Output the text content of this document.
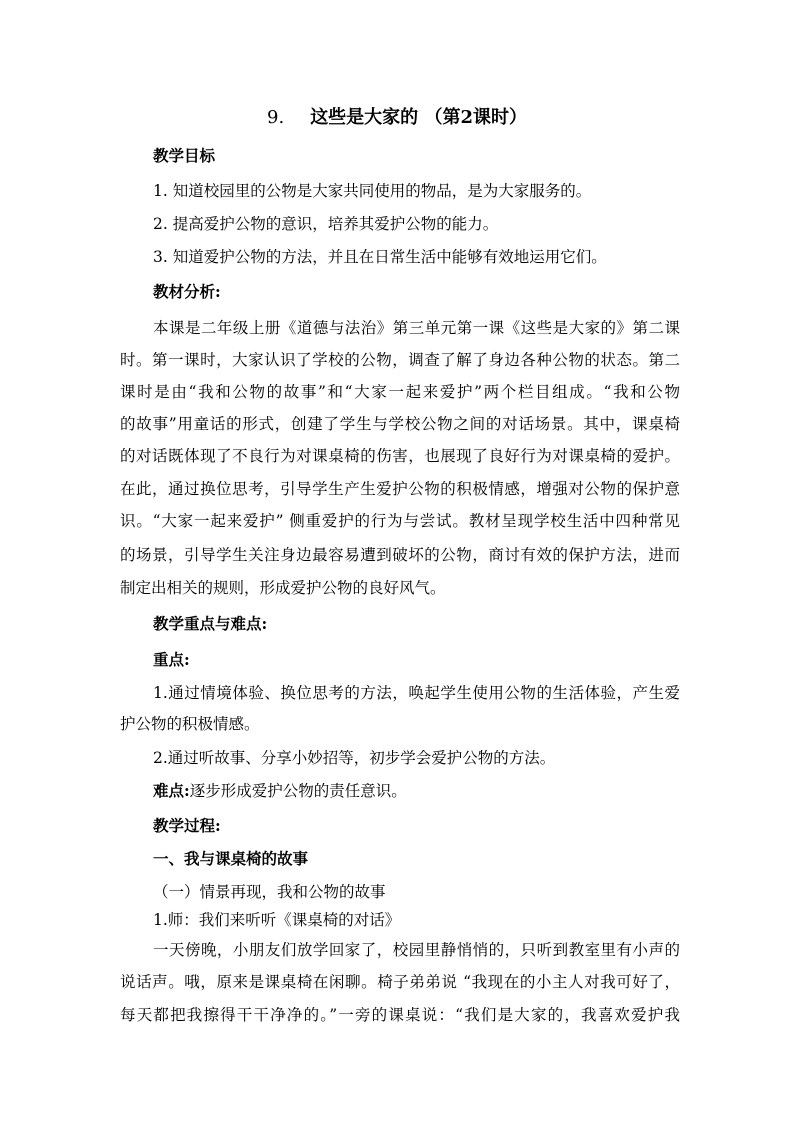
9. 这些是大家的 （第2课时）
教学目标
1. 知道校园里的公物是大家共同使用的物品，是为大家服务的。
2. 提高爱护公物的意识，培养其爱护公物的能力。
3. 知道爱护公物的方法，并且在日常生活中能够有效地运用它们。
教材分析:
本课是二年级上册《道德与法治》第三单元第一课《这些是大家的》第二课
时。第一课时，大家认识了学校的公物，调查了解了身边各种公物的状态。第二
课时是由“我和公物的故事”和“大家一起来爱护”两个栏目组成。“我和公物
的故事”用童话的形式，创建了学生与学校公物之间的对话场景。其中，课桌椅
的对话既体现了不良行为对课桌椅的伤害，也展现了良好行为对课桌椅的爱护。
在此，通过换位思考，引导学生产生爱护公物的积极情感，增强对公物的保护意
识。“大家一起来爱护” 侧重爱护的行为与尝试。教材呈现学校生活中四种常见
的场景，引导学生关注身边最容易遭到破坏的公物，商讨有效的保护方法，进而
制定出相关的规则，形成爱护公物的良好风气。
教学重点与难点:
重点:
1.通过情境体验、换位思考的方法，唤起学生使用公物的生活体验，产生爱
护公物的积极情感。
2.通过听故事、分享小妙招等，初步学会爱护公物的方法。
难点:逐步形成爱护公物的责任意识。
教学过程:
一、我与课桌椅的故事
（一）情景再现，我和公物的故事
1.师：我们来听听《课桌椅的对话》
一天傍晚，小朋友们放学回家了，校园里静悄悄的，只听到教室里有小声的
说话声。哦，原来是课桌椅在闲聊。椅子弟弟说 “我现在的小主人对我可好了，
每天都把我擦得干干净净的。”一旁的课桌说：“我们是大家的，我喜欢爱护我
